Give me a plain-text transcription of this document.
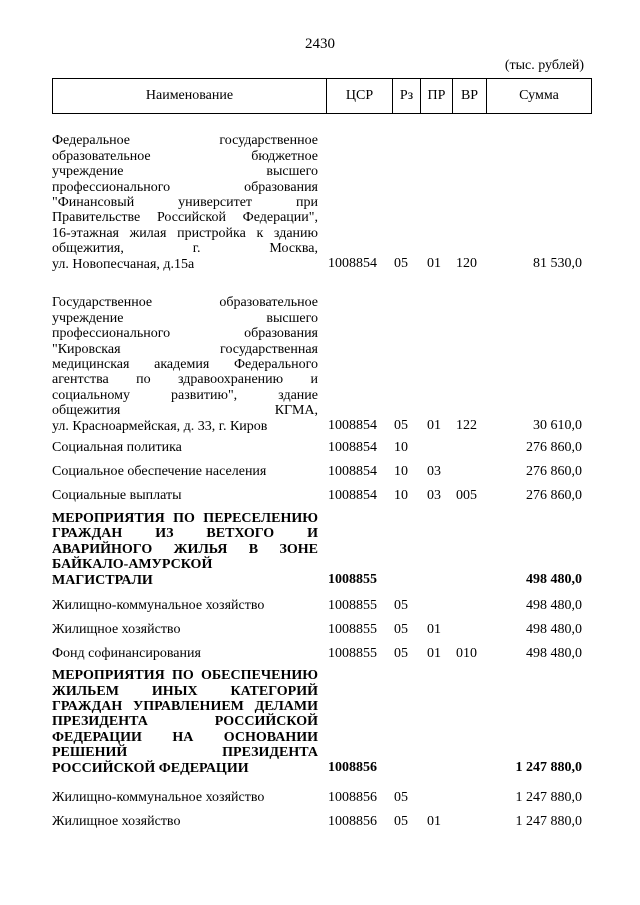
2430
(тыс. рублей)
Наименование	ЦСР	Рз	ПР	ВР	Сумма
Федеральное государственное
образовательное бюджетное
учреждение высшего
профессионального образования
"Финансовый университет при
Правительстве Российской Федерации",
16-этажная жилая пристройка к зданию
общежития, г. Москва,
ул. Новопесчаная, д.15а	1008854 05 01 120	81 530,0
Государственное образовательное
учреждение высшего
профессионального образования
"Кировская государственная
медицинская академия Федерального
агентства по здравоохранению и
социальному развитию", здание
общежития КГМА,
ул. Красноармейская, д. 33, г. Киров	1008854 05 01 122	30 610,0
Социальная политика	1008854 10	276 860,0
Социальное обеспечение населения	1008854 10 03	276 860,0
Социальные выплаты	1008854 10 03 005	276 860,0
МЕРОПРИЯТИЯ ПО ПЕРЕСЕЛЕНИЮ
ГРАЖДАН ИЗ ВЕТХОГО И
АВАРИЙНОГО ЖИЛЬЯ В ЗОНЕ
БАЙКАЛО-АМУРСКОЙ
МАГИСТРАЛИ	1008855	498 480,0
Жилищно-коммунальное хозяйство	1008855 05	498 480,0
Жилищное хозяйство	1008855 05 01	498 480,0
Фонд софинансирования	1008855 05 01 010	498 480,0
МЕРОПРИЯТИЯ ПО ОБЕСПЕЧЕНИЮ
ЖИЛЬЕМ ИНЫХ КАТЕГОРИЙ
ГРАЖДАН УПРАВЛЕНИЕМ ДЕЛАМИ
ПРЕЗИДЕНТА РОССИЙСКОЙ
ФЕДЕРАЦИИ НА ОСНОВАНИИ
РЕШЕНИЙ ПРЕЗИДЕНТА
РОССИЙСКОЙ ФЕДЕРАЦИИ	1008856	1 247 880,0
Жилищно-коммунальное хозяйство	1008856 05	1 247 880,0
Жилищное хозяйство	1008856 05 01	1 247 880,0
